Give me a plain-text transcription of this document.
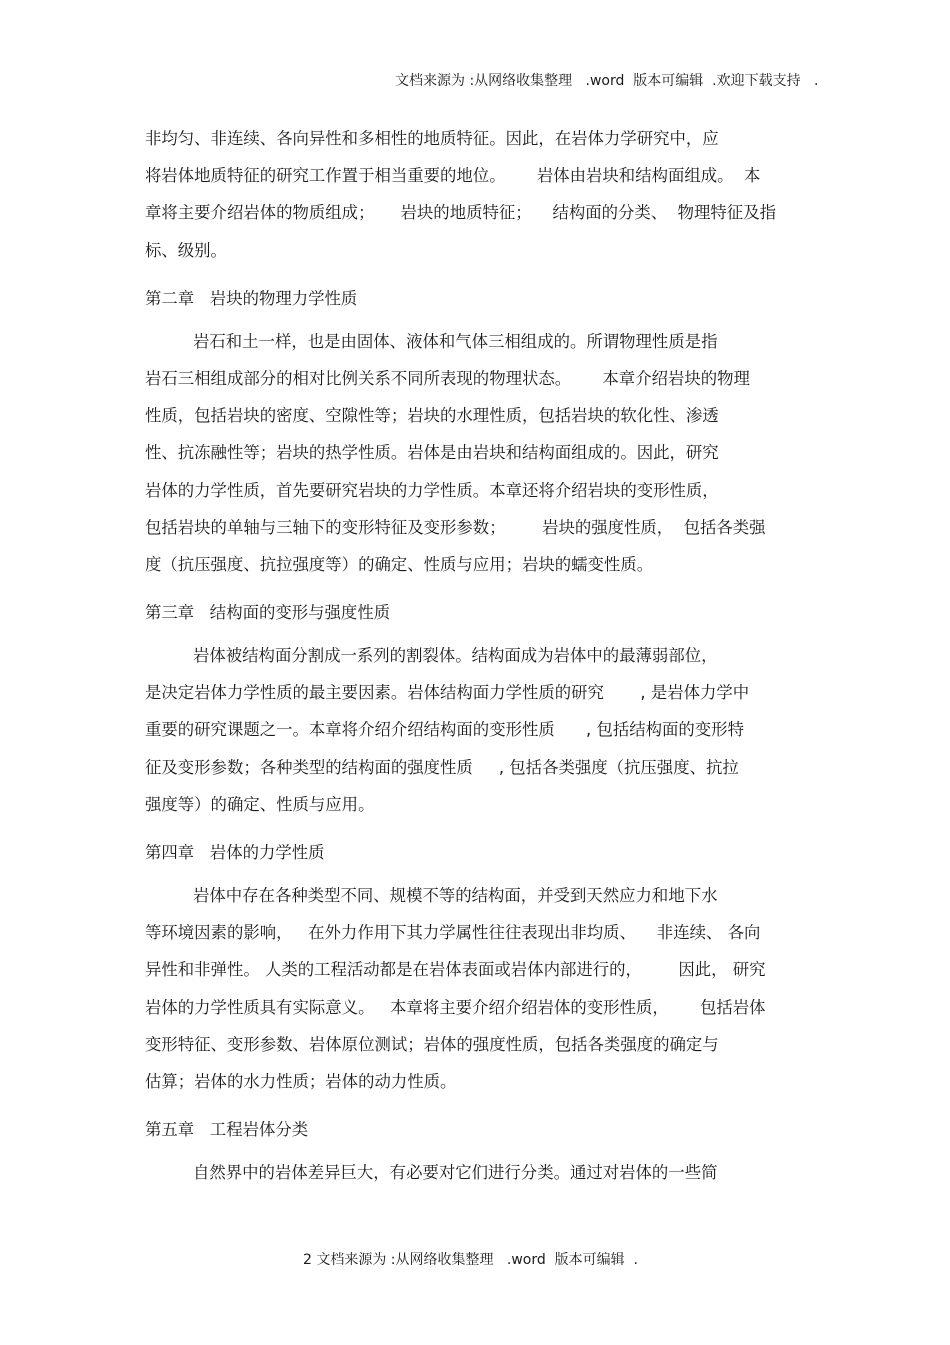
文档来源为 :从网络收集整理   .word  版本可编辑  .欢迎下载支持   .
非均匀、非连续、各向异性和多相性的地质特征。因此，在岩体力学研究中，应
将岩体地质特征的研究工作置于相当重要的地位。      岩体由岩块和结构面组成。  本
章将主要介绍岩体的物质组成；     岩块的地质特征；    结构面的分类、  物理特征及指
标、级别。
第二章   岩块的物理力学性质
岩石和土一样，也是由固体、液体和气体三相组成的。所谓物理性质是指
岩石三相组成部分的相对比例关系不同所表现的物理状态。      本章介绍岩块的物理
性质，包括岩块的密度、空隙性等；岩块的水理性质，包括岩块的软化性、渗透
性、抗冻融性等；岩块的热学性质。岩体是由岩块和结构面组成的。因此，研究
岩体的力学性质，首先要研究岩块的力学性质。本章还将介绍岩块的变形性质，
包括岩块的单轴与三轴下的变形特征及变形参数；       岩块的强度性质，  包括各类强
度（抗压强度、抗拉强度等）的确定、性质与应用；岩块的蠕变性质。
第三章   结构面的变形与强度性质
岩体被结构面分割成一系列的割裂体。结构面成为岩体中的最薄弱部位，
是决定岩体力学性质的最主要因素。岩体结构面力学性质的研究       , 是岩体力学中
重要的研究课题之一。本章将介绍介绍结构面的变形性质      , 包括结构面的变形特
征及变形参数；各种类型的结构面的强度性质     , 包括各类强度（抗压强度、抗拉
强度等）的确定、性质与应用。
第四章   岩体的力学性质
岩体中存在各种类型不同、规模不等的结构面，并受到天然应力和地下水
等环境因素的影响，   在外力作用下其力学属性往往表现出非均质、    非连续、 各向
异性和非弹性。 人类的工程活动都是在岩体表面或岩体内部进行的，       因此， 研究
岩体的力学性质具有实际意义。   本章将主要介绍介绍岩体的变形性质，      包括岩体
变形特征、变形参数、岩体原位测试；岩体的强度性质，包括各类强度的确定与
估算；岩体的水力性质；岩体的动力性质。
第五章   工程岩体分类
自然界中的岩体差异巨大，有必要对它们进行分类。通过对岩体的一些简
2 文档来源为 :从网络收集整理   .word  版本可编辑  .
